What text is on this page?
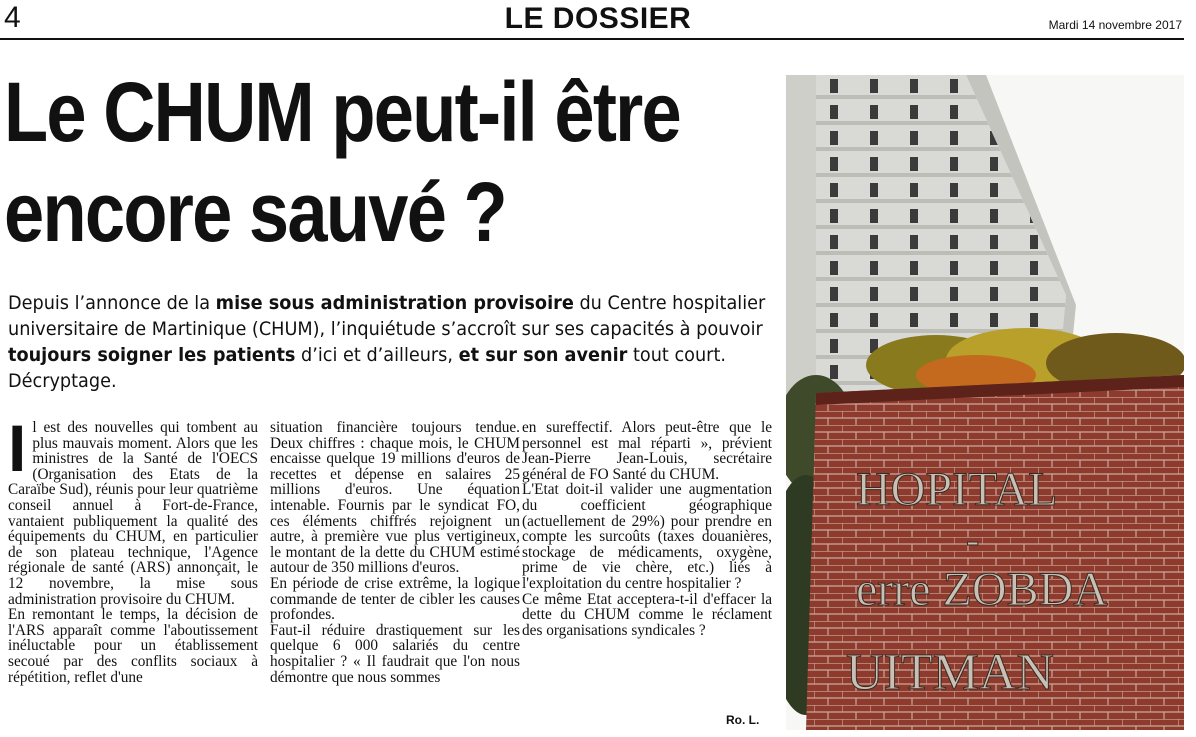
4	LE DOSSIER	Mardi 14 novembre 2017
Le CHUM peut-il être
encore sauvé ?
Depuis l’annonce de la mise sous administration provisoire du Centre hospitalier universitaire de Martinique (CHUM), l’inquiétude s’accroît sur ses capacités à pouvoir toujours soigner les patients d’ici et d’ailleurs, et sur son avenir tout court. Décryptage.
I l est des nouvelles qui tombent au plus mauvais moment. Alors que les ministres de la Santé de l'OECS (Organisation des Etats de la Caraïbe Sud), réunis pour leur quatrième conseil annuel à Fort-de-France, vantaient publiquement la qualité des équipements du CHUM, en particulier de son plateau technique, l'Agence régionale de santé (ARS) annonçait, le 12 novembre, la mise sous administration provisoire du CHUM.

En remontant le temps, la décision de l'ARS apparaît comme l'aboutissement inéluctable pour un établissement secoué par des conflits sociaux à répétition, reflet d'une

situation financière toujours tendue. Deux chiffres : chaque mois, le CHUM encaisse quelque 19 millions d'euros de recettes et dépense en salaires 25 millions d'euros. Une équation intenable. Fournis par le syndicat FO, ces éléments chiffrés rejoignent un autre, à première vue plus vertigineux, le montant de la dette du CHUM estimé autour de 350 millions d'euros.

En période de crise extrême, la logique commande de tenter de cibler les causes profondes.

Faut-il réduire drastiquement sur les quelque 6 000 salariés du centre hospitalier ? « Il faudrait que l'on nous démontre que nous sommes

en sureffectif. Alors peut-être que le personnel est mal réparti », prévient Jean-Pierre Jean-Louis, secrétaire général de FO Santé du CHUM.

L'Etat doit-il valider une augmentation du coefficient géographique (actuellement de 29%) pour prendre en compte les surcoûts (taxes douanières, stockage de médicaments, oxygène, prime de vie chère, etc.) liés à l'exploitation du centre hospitalier ?

Ce même Etat acceptera-t-il d'effacer la dette du CHUM comme le réclament des organisations syndicales ?

Ro. L.
HOPITAL
-
erre ZOBDA
UITMAN
